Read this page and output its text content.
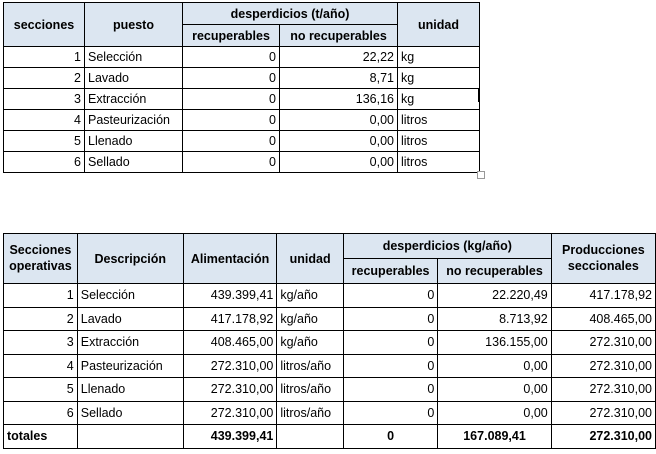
secciones	puesto	desperdicios (t/año)		unidad
		recuperables	no recuperables	
1	Selección	0	22,22	kg
2	Lavado	0	8,71	kg
3	Extracción	0	136,16	kg
4	Pasteurización	0	0,00	litros
5	Llenado	0	0,00	litros
6	Sellado	0	0,00	litros
Secciones
operativas	Descripción	Alimentación	unidad	desperdicios (kg/año)		Producciones
seccionales
				recuperables	no recuperables	
1	Selección	439.399,41	kg/año	0	22.220,49	417.178,92
2	Lavado	417.178,92	kg/año	0	8.713,92	408.465,00
3	Extracción	408.465,00	kg/año	0	136.155,00	272.310,00
4	Pasteurización	272.310,00	litros/año	0	0,00	272.310,00
5	Llenado	272.310,00	litros/año	0	0,00	272.310,00
6	Sellado	272.310,00	litros/año	0	0,00	272.310,00
totales		439.399,41		0	167.089,41	272.310,00
